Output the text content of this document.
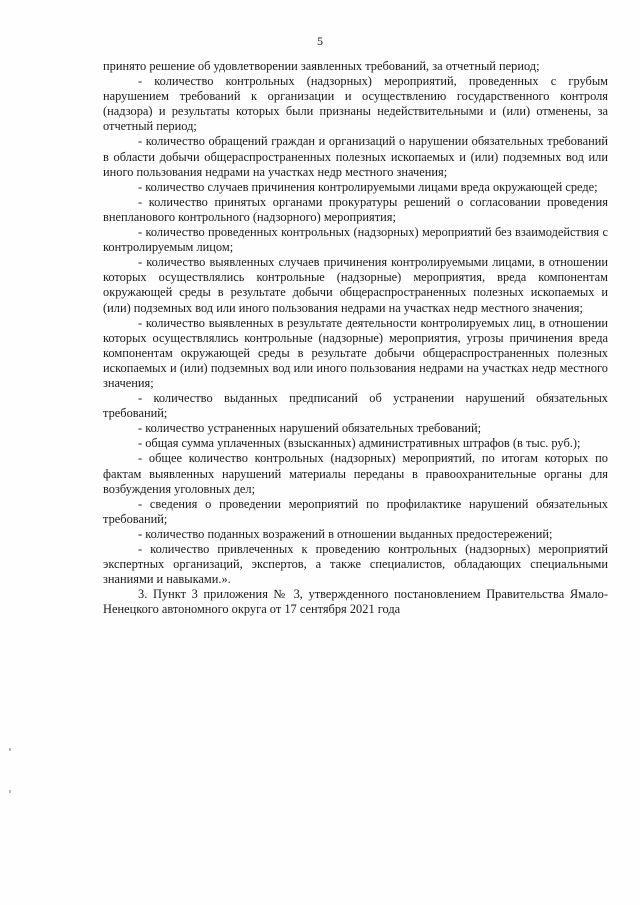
5

принято решение об удовлетворении заявленных требований, за отчетный период;

- количество контрольных (надзорных) мероприятий, проведенных с грубым нарушением требований к организации и осуществлению государственного контроля (надзора) и результаты которых были признаны недействительными и (или) отменены, за отчетный период;

- количество обращений граждан и организаций о нарушении обязательных требований в области добычи общераспространенных полезных ископаемых и (или) подземных вод или иного пользования недрами на участках недр местного значения;

- количество случаев причинения контролируемыми лицами вреда окружающей среде;

- количество принятых органами прокуратуры решений о согласовании проведения внепланового контрольного (надзорного) мероприятия;

- количество проведенных контрольных (надзорных) мероприятий без взаимодействия с контролируемым лицом;

- количество выявленных случаев причинения контролируемыми лицами, в отношении которых осуществлялись контрольные (надзорные) мероприятия, вреда компонентам окружающей среды в результате добычи общераспространенных полезных ископаемых и (или) подземных вод или иного пользования недрами на участках недр местного значения;

- количество выявленных в результате деятельности контролируемых лиц, в отношении которых осуществлялись контрольные (надзорные) мероприятия, угрозы причинения вреда компонентам окружающей среды в результате добычи общераспространенных полезных ископаемых и (или) подземных вод или иного пользования недрами на участках недр местного значения;

- количество выданных предписаний об устранении нарушений обязательных требований;

- количество устраненных нарушений обязательных требований;

- общая сумма уплаченных (взысканных) административных штрафов (в тыс. руб.);

- общее количество контрольных (надзорных) мероприятий, по итогам которых по фактам выявленных нарушений материалы переданы в правоохранительные органы для возбуждения уголовных дел;

- сведения о проведении мероприятий по профилактике нарушений обязательных требований;

- количество поданных возражений в отношении выданных предостережений;

- количество привлеченных к проведению контрольных (надзорных) мероприятий экспертных организаций, экспертов, а также специалистов, обладающих специальными знаниями и навыками.».

3. Пункт 3 приложения № 3, утвержденного постановлением Правительства Ямало-Ненецкого автономного округа от 17 сентября 2021 года
